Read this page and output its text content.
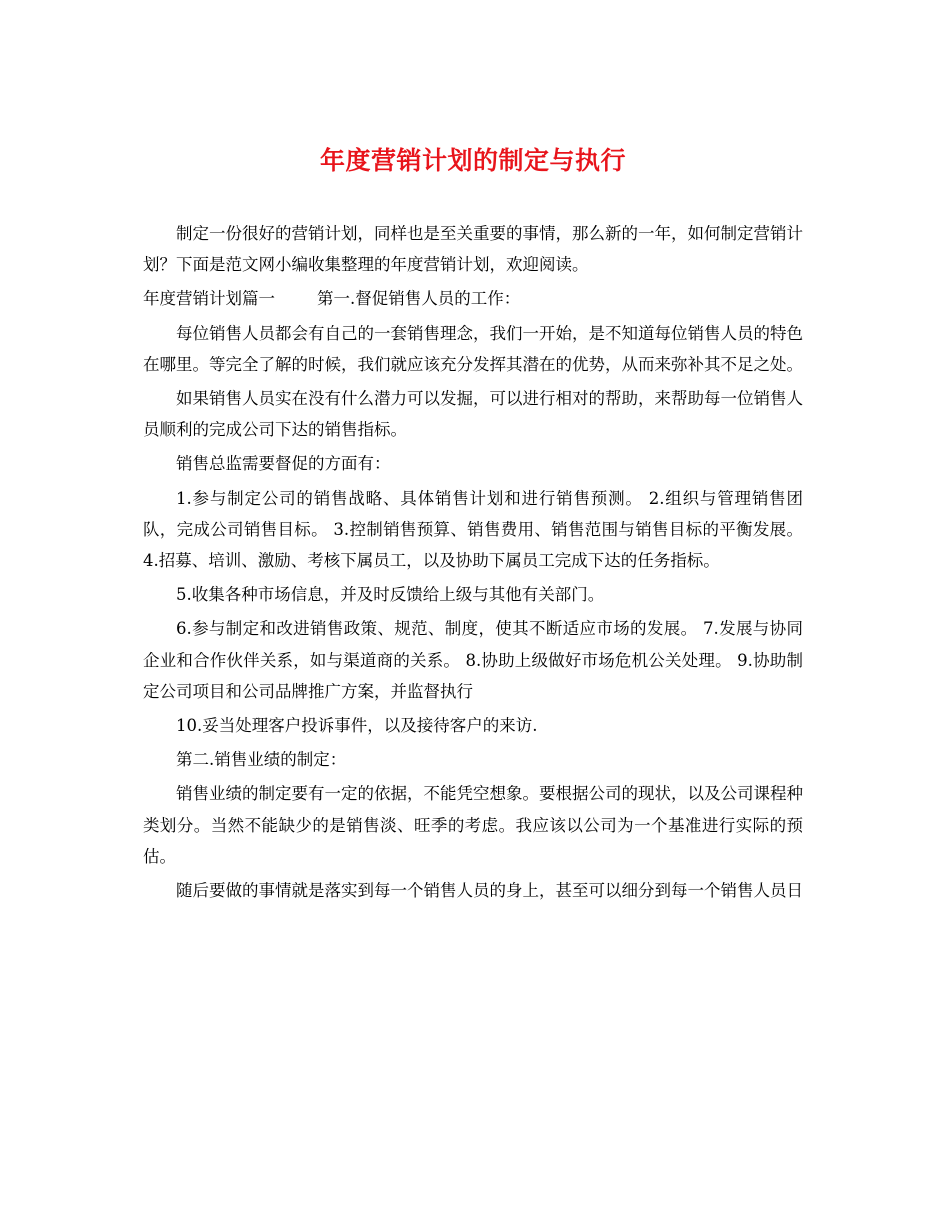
年度营销计划的制定与执行

制定一份很好的营销计划，同样也是至关重要的事情，那么新的一年，如何制定营销计划？下面是范文网小编收集整理的年度营销计划，欢迎阅读。

年度营销计划篇一        第一.督促销售人员的工作：

每位销售人员都会有自己的一套销售理念，我们一开始，是不知道每位销售人员的特色在哪里。等完全了解的时候，我们就应该充分发挥其潜在的优势，从而来弥补其不足之处。

如果销售人员实在没有什么潜力可以发掘，可以进行相对的帮助，来帮助每一位销售人员顺利的完成公司下达的销售指标。

销售总监需要督促的方面有：

1.参与制定公司的销售战略、具体销售计划和进行销售预测。 2.组织与管理销售团队，完成公司销售目标。 3.控制销售预算、销售费用、销售范围与销售目标的平衡发展。 4.招募、培训、激励、考核下属员工，以及协助下属员工完成下达的任务指标。

5.收集各种市场信息，并及时反馈给上级与其他有关部门。

6.参与制定和改进销售政策、规范、制度，使其不断适应市场的发展。 7.发展与协同企业和合作伙伴关系，如与渠道商的关系。 8.协助上级做好市场危机公关处理。 9.协助制定公司项目和公司品牌推广方案，并监督执行

10.妥当处理客户投诉事件，以及接待客户的来访.

第二.销售业绩的制定：

销售业绩的制定要有一定的依据，不能凭空想象。要根据公司的现状，以及公司课程种类划分。当然不能缺少的是销售淡、旺季的考虑。我应该以公司为一个基准进行实际的预估。

随后要做的事情就是落实到每一个销售人员的身上，甚至可以细分到每一个销售人员日
